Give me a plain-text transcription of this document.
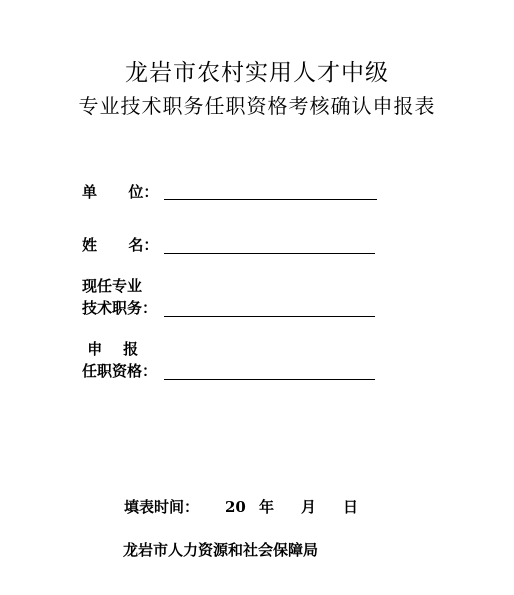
龙岩市农村实用人才中级
专业技术职务任职资格考核确认申报表
单      位：
姓      名：
现任专业
技术职务：
申    报
任职资格：
填表时间： 20 年 月 日
龙岩市人力资源和社会保障局
